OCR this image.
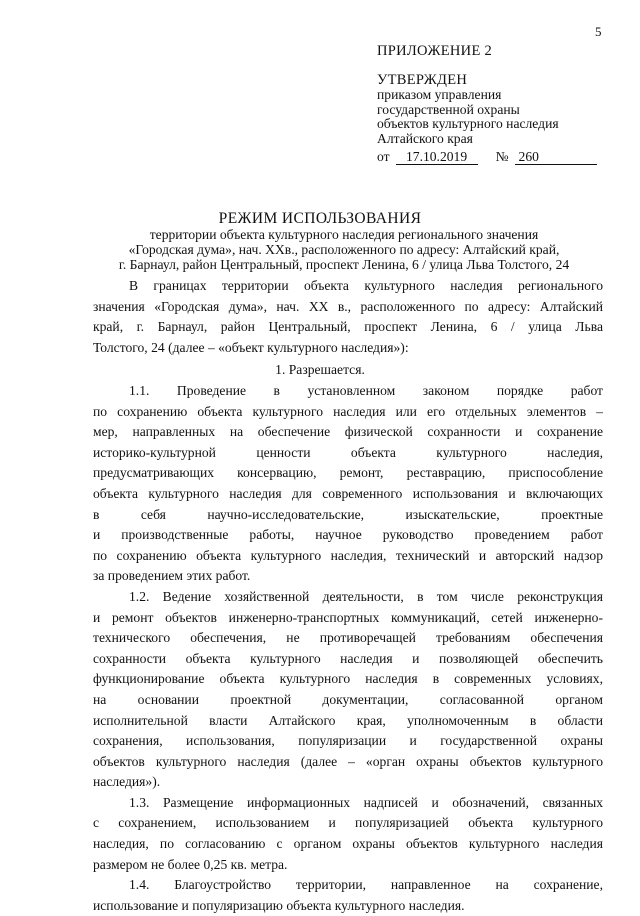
5
ПРИЛОЖЕНИЕ 2
УТВЕРЖДЕН
приказом управления
государственной охраны
объектов культурного наследия
Алтайского края
от 17.10.2019 № 260
РЕЖИМ ИСПОЛЬЗОВАНИЯ
территории объекта культурного наследия регионального значения
«Городская дума», нач. XXв., расположенного по адресу: Алтайский край,
г. Барнаул, район Центральный, проспект Ленина, 6 / улица Льва Толстого, 24
В границах территории объекта культурного наследия регионального
значения «Городская дума», нач. XX в., расположенного по адресу: Алтайский
край, г. Барнаул, район Центральный, проспект Ленина, 6 / улица Льва
Толстого, 24 (далее – «объект культурного наследия»):
1. Разрешается.
1.1. Проведение в установленном законом порядке работ
по сохранению объекта культурного наследия или его отдельных элементов –
мер, направленных на обеспечение физической сохранности и сохранение
историко-культурной ценности объекта культурного наследия,
предусматривающих консервацию, ремонт, реставрацию, приспособление
объекта культурного наследия для современного использования и включающих
в себя научно-исследовательские, изыскательские, проектные
и производственные работы, научное руководство проведением работ
по сохранению объекта культурного наследия, технический и авторский надзор
за проведением этих работ.
1.2. Ведение хозяйственной деятельности, в том числе реконструкция
и ремонт объектов инженерно-транспортных коммуникаций, сетей инженерно-
технического обеспечения, не противоречащей требованиям обеспечения
сохранности объекта культурного наследия и позволяющей обеспечить
функционирование объекта культурного наследия в современных условиях,
на основании проектной документации, согласованной органом
исполнительной власти Алтайского края, уполномоченным в области
сохранения, использования, популяризации и государственной охраны
объектов культурного наследия (далее – «орган охраны объектов культурного
наследия»).
1.3. Размещение информационных надписей и обозначений, связанных
с сохранением, использованием и популяризацией объекта культурного
наследия, по согласованию с органом охраны объектов культурного наследия
размером не более 0,25 кв. метра.
1.4. Благоустройство территории, направленное на сохранение,
использование и популяризацию объекта культурного наследия.
